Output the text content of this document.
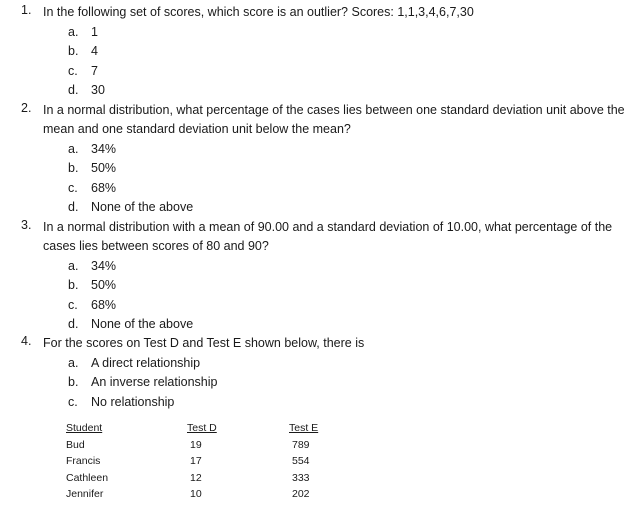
1. In the following set of scores, which score is an outlier? Scores: 1,1,3,4,6,7,30
a. 1
b. 4
c. 7
d. 30
2. In a normal distribution, what percentage of the cases lies between one standard deviation unit above the mean and one standard deviation unit below the mean?
a. 34%
b. 50%
c. 68%
d. None of the above
3. In a normal distribution with a mean of 90.00 and a standard deviation of 10.00, what percentage of the cases lies between scores of 80 and 90?
a. 34%
b. 50%
c. 68%
d. None of the above
4. For the scores on Test D and Test E shown below, there is
a. A direct relationship
b. An inverse relationship
c. No relationship
Student	Test D	Test E
Bud	19	789
Francis	17	554
Cathleen	12	333
Jennifer	10	202
